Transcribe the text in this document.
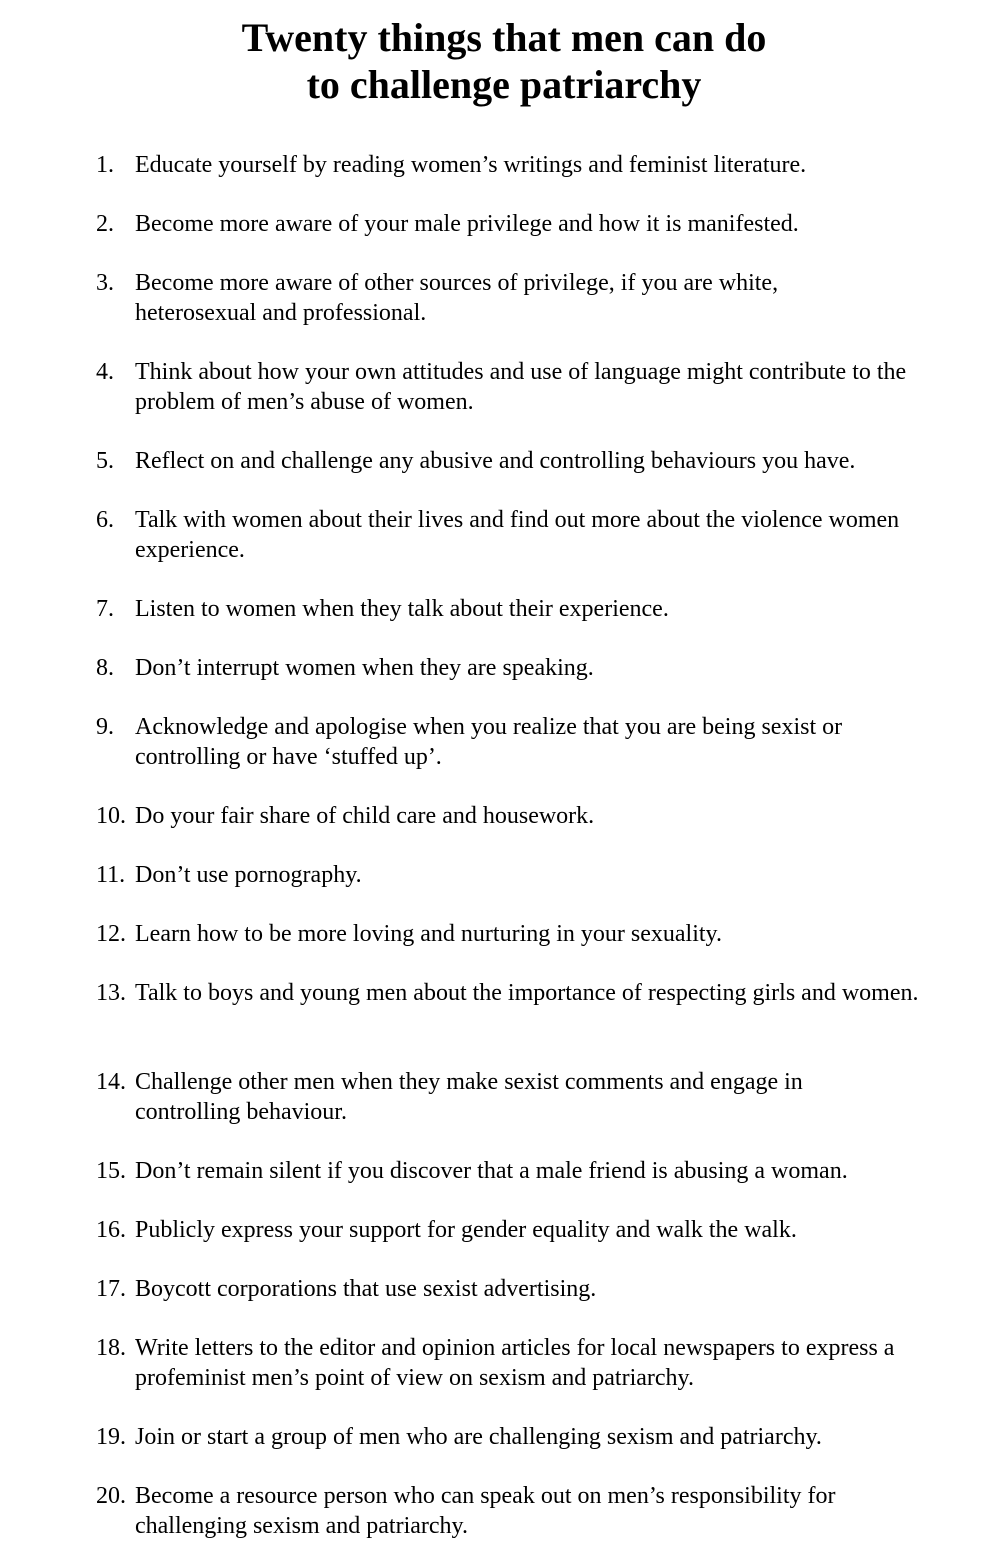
Twenty things that men can do
to challenge patriarchy
1. Educate yourself by reading women’s writings and feminist literature.
2. Become more aware of your male privilege and how it is manifested.
3. Become more aware of other sources of privilege, if you are white, heterosexual and professional.
4. Think about how your own attitudes and use of language might contribute to the problem of men’s abuse of women.
5. Reflect on and challenge any abusive and controlling behaviours you have.
6. Talk with women about their lives and find out more about the violence women experience.
7. Listen to women when they talk about their experience.
8. Don’t interrupt women when they are speaking.
9. Acknowledge and apologise when you realize that you are being sexist or controlling or have ‘stuffed up’.
10. Do your fair share of child care and housework.
11. Don’t use pornography.
12. Learn how to be more loving and nurturing in your sexuality.
13. Talk to boys and young men about the importance of respecting girls and women.
14. Challenge other men when they make sexist comments and engage in controlling behaviour.
15. Don’t remain silent if you discover that a male friend is abusing a woman.
16. Publicly express your support for gender equality and walk the walk.
17. Boycott corporations that use sexist advertising.
18. Write letters to the editor and opinion articles for local newspapers to express a profeminist men’s point of view on sexism and patriarchy.
19. Join or start a group of men who are challenging sexism and patriarchy.
20. Become a resource person who can speak out on men’s responsibility for challenging sexism and patriarchy.
